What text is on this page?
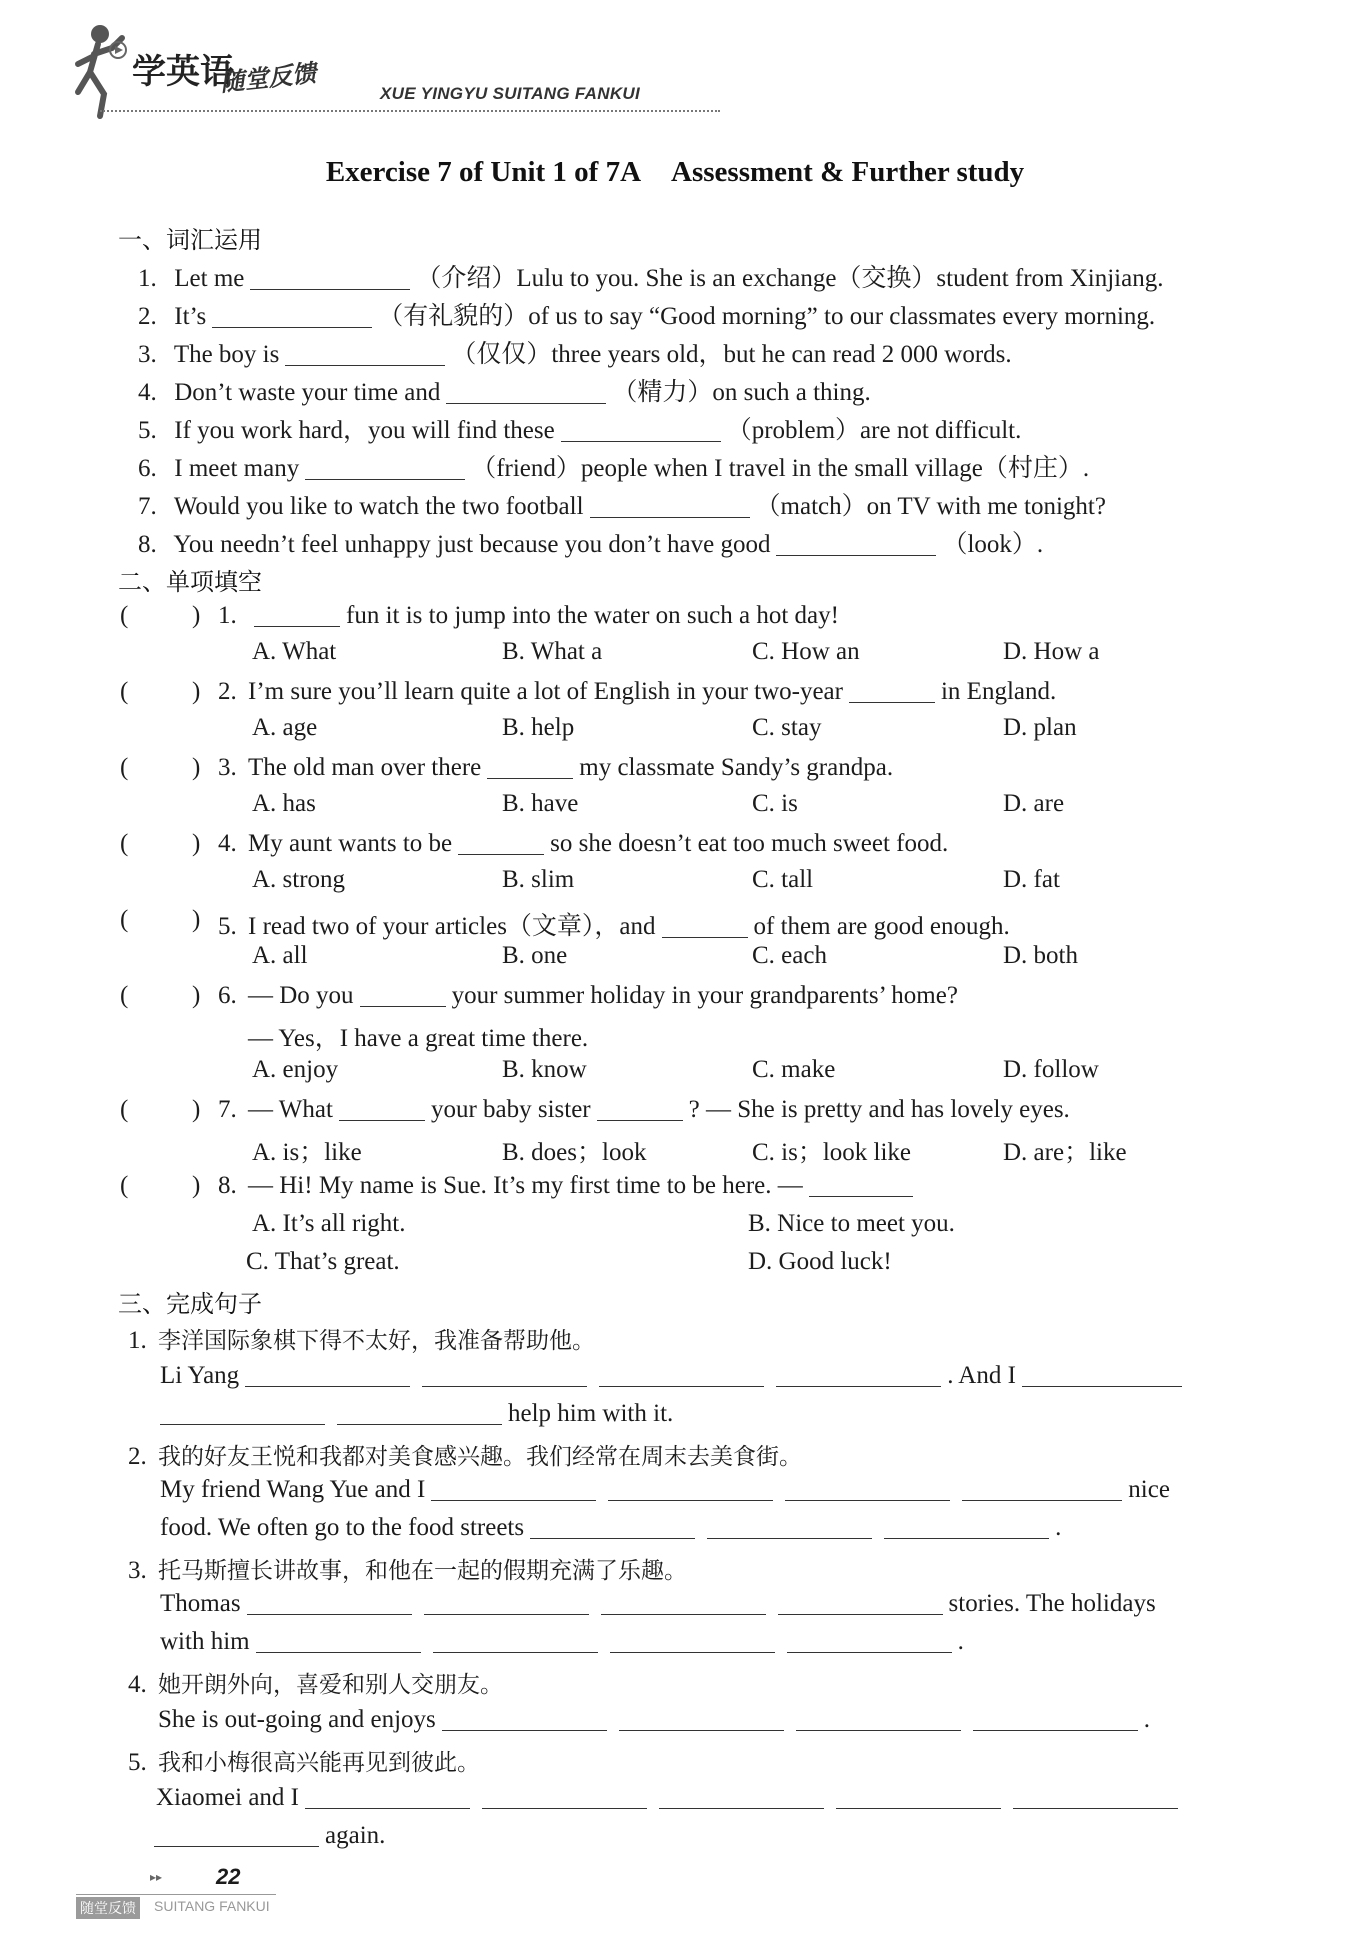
学英语
随堂反馈	XUE YINGYU SUITANG FANKUI
Exercise 7 of Unit 1 of 7A Assessment & Further study
一、词汇运用
1. Let me	（介绍）Lulu to you. She is an exchange（交换）student from Xinjiang.
2. It’s	（有礼貌的）of us to say “Good morning” to our classmates every morning.
3. The boy is	（仅仅）three years old，but he can read 2 000 words.
4. Don’t waste your time and	（精力）on such a thing.
5. If you work hard，you will find these	（problem）are not difficult.
6. I meet many	（friend）people when I travel in the small village（村庄）.
7. Would you like to watch the two football	（match）on TV with me tonight?
8. You needn’t feel unhappy just because you don’t have good	（look）.
二、单项填空
(	) 1.	fun it is to jump into the water on such a hot day!
A. What	B. What a	C. How an	D. How a
(	) 2. I’m sure you’ll learn quite a lot of English in your two-year	in England.
A. age	B. help	C. stay	D. plan
(	) 3. The old man over there	my classmate Sandy’s grandpa.
A. has	B. have	C. is	D. are
(	) 4. My aunt wants to be	so she doesn’t eat too much sweet food.
A. strong	B. slim	C. tall	D. fat
(	) 5. I read two of your articles（文章），and	of them are good enough.
A. all	B. one	C. each	D. both
(	) 6. — Do you	your summer holiday in your grandparents’ home?
— Yes，I have a great time there.
A. enjoy	B. know	C. make	D. follow
(	) 7. — What	your baby sister	? — She is pretty and has lovely eyes.
A. is；like	B. does；look	C. is；look like	D. are；like
(	) 8. — Hi! My name is Sue. It’s my first time to be here. —
A. It’s all right.	B. Nice to meet you.
C. That’s great.	D. Good luck!
三、完成句子
1. 李洋国际象棋下得不太好，我准备帮助他。
Li Yang	. And I
help him with it.
2. 我的好友王悦和我都对美食感兴趣。我们经常在周末去美食街。
My friend Wang Yue and I	nice
food. We often go to the food streets	.
3. 托马斯擅长讲故事，和他在一起的假期充满了乐趣。
Thomas	stories. The holidays
with him	.
4. 她开朗外向，喜爱和别人交朋友。
She is out-going and enjoys	.
5. 我和小梅很高兴能再见到彼此。
Xiaomei and I
again.
▸▸ 22
随堂反馈 SUITANG FANKUI
